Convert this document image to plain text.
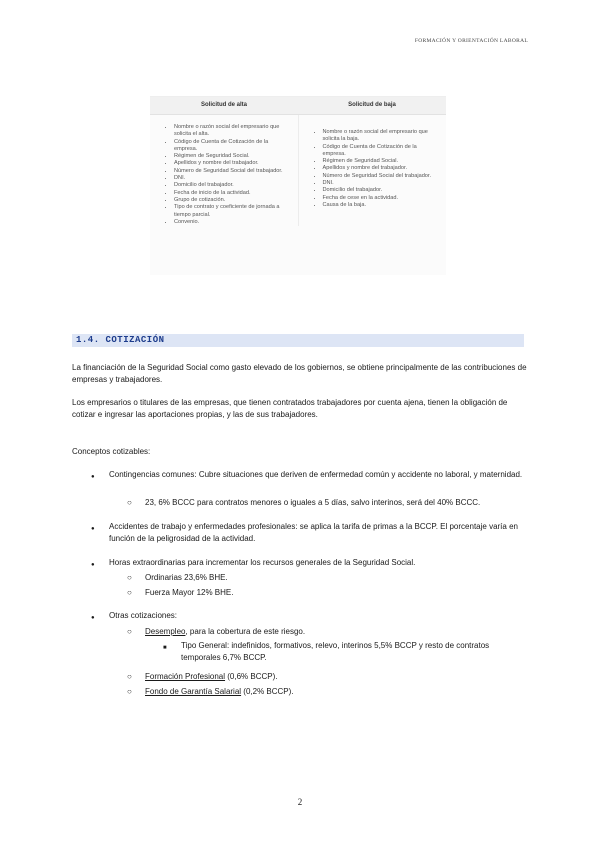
FORMACIÓN Y ORIENTACIÓN LABORAL
Solicitud de alta	Solicitud de baja
• Nombre o razón social del empresario que solicita el alta.
• Código de Cuenta de Cotización de la empresa.
• Régimen de Seguridad Social.
• Apellidos y nombre del trabajador.
• Número de Seguridad Social del trabajador.
• DNI.
• Domicilio del trabajador.
• Fecha de inicio de la actividad.
• Grupo de cotización.
• Tipo de contrato y coeficiente de jornada a tiempo parcial.
• Convenio.
• Nombre o razón social del empresario que solicita la baja.
• Código de Cuenta de Cotización de la empresa.
• Régimen de Seguridad Social.
• Apellidos y nombre del trabajador.
• Número de Seguridad Social del trabajador.
• DNI.
• Domicilio del trabajador.
• Fecha de cese en la actividad.
• Causa de la baja.
1.4. COTIZACIÓN
La financiación de la Seguridad Social como gasto elevado de los gobiernos, se obtiene principalmente de las contribuciones de empresas y trabajadores.
Los empresarios o titulares de las empresas, que tienen contratados trabajadores por cuenta ajena, tienen la obligación de cotizar e ingresar las aportaciones propias, y las de sus trabajadores.
Conceptos cotizables:
● Contingencias comunes: Cubre situaciones que deriven de enfermedad común y accidente no laboral, y maternidad.
○ 23, 6% BCCC para contratos menores o iguales a 5 días, salvo interinos, será del 40% BCCC.
● Accidentes de trabajo y enfermedades profesionales: se aplica la tarifa de primas a la BCCP. El porcentaje varía en función de la peligrosidad de la actividad.
● Horas extraordinarias para incrementar los recursos generales de la Seguridad Social.
○ Ordinarias 23,6% BHE.
○ Fuerza Mayor 12% BHE.
● Otras cotizaciones:
○ Desempleo, para la cobertura de este riesgo.
■ Tipo General: indefinidos, formativos, relevo, interinos 5,5% BCCP y resto de contratos temporales 6,7% BCCP.
○ Formación Profesional (0,6% BCCP).
○ Fondo de Garantía Salarial (0,2% BCCP).
2
